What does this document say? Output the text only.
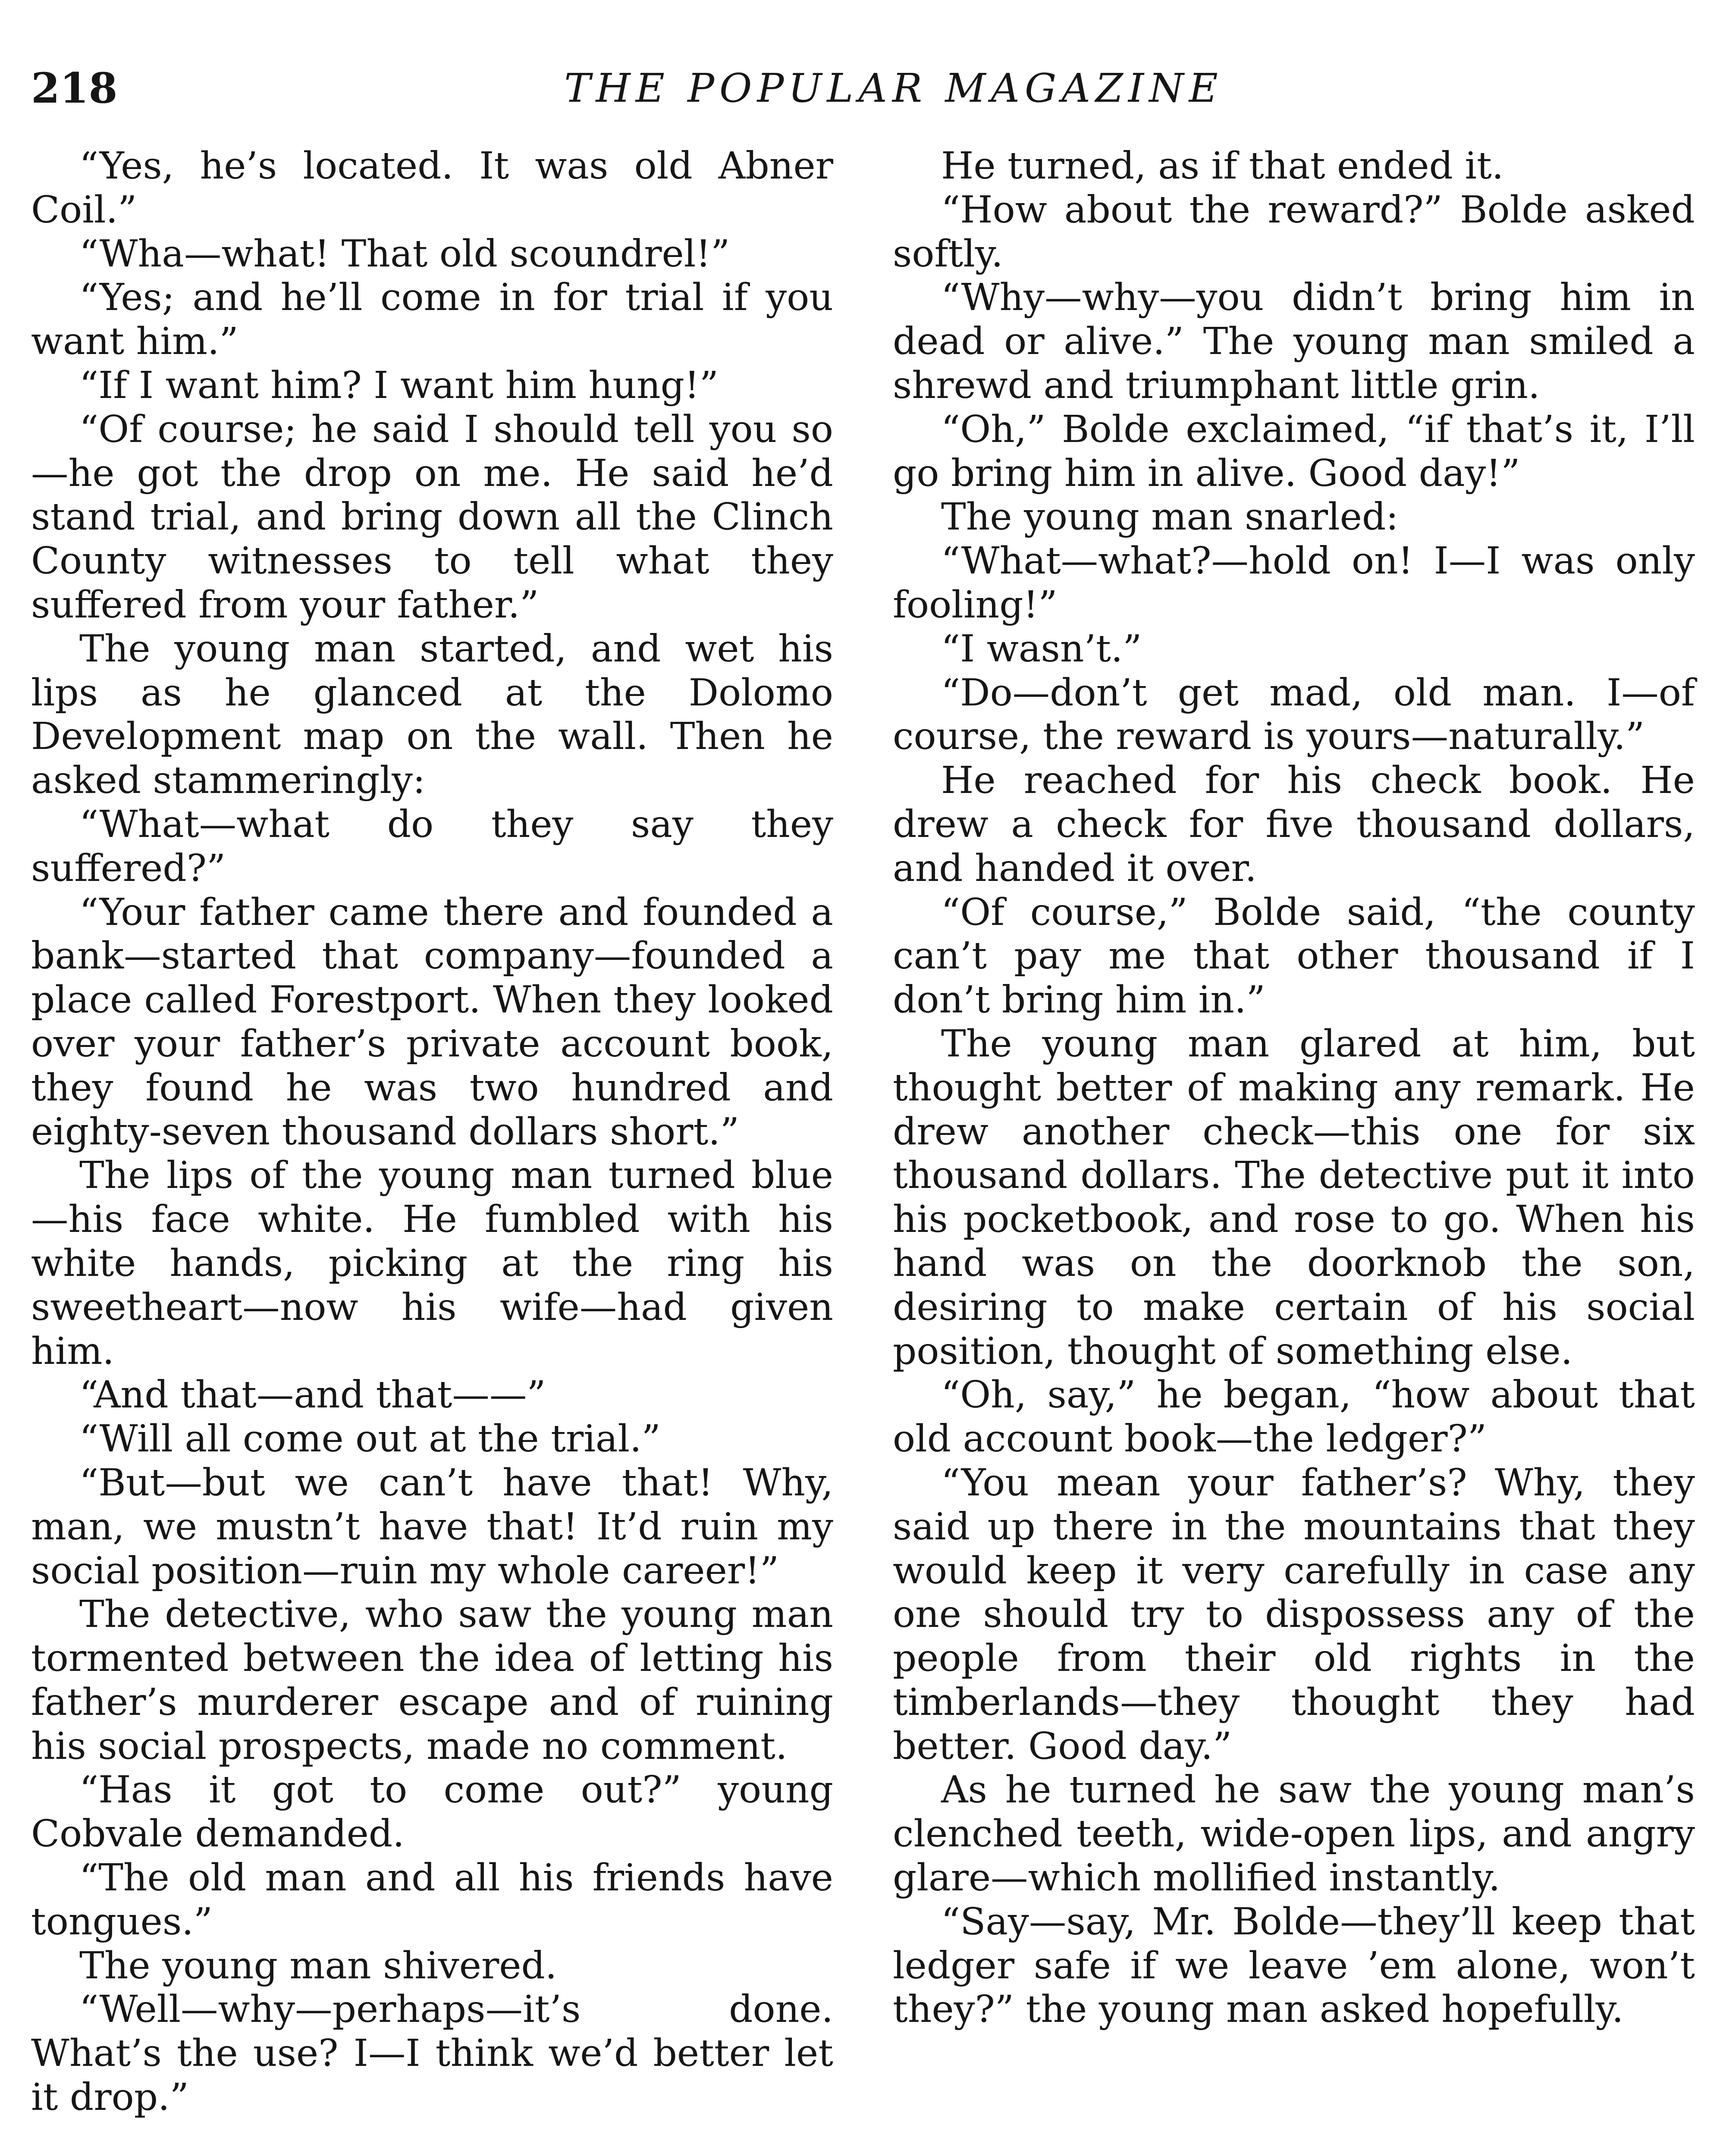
218	THE POPULAR MAGAZINE

“Yes, he’s located. It was old Abner Coil.”

“Wha—what! That old scoundrel!”

“Yes; and he’ll come in for trial if you want him.”

“If I want him? I want him hung!”

“Of course; he said I should tell you so—he got the drop on me. He said he’d stand trial, and bring down all the Clinch County witnesses to tell what they suffered from your father.”

The young man started, and wet his lips as he glanced at the Dolomo Development map on the wall. Then he asked stammeringly:

“What—what do they say they suffered?”

“Your father came there and founded a bank—started that company—founded a place called Forestport. When they looked over your father’s private account book, they found he was two hundred and eighty-seven thousand dollars short.”

The lips of the young man turned blue—his face white. He fumbled with his white hands, picking at the ring his sweetheart—now his wife—had given him.

“And that—and that——”

“Will all come out at the trial.”

“But—but we can’t have that! Why, man, we mustn’t have that! It’d ruin my social position—ruin my whole career!”

The detective, who saw the young man tormented between the idea of letting his father’s murderer escape and of ruining his social prospects, made no comment.

“Has it got to come out?” young Cobvale demanded.

“The old man and all his friends have tongues.”

The young man shivered.

“Well—why—perhaps—it’s done. What’s the use? I—I think we’d better let it drop.”

He turned, as if that ended it.

“How about the reward?” Bolde asked softly.

“Why—why—you didn’t bring him in dead or alive.” The young man smiled a shrewd and triumphant little grin.

“Oh,” Bolde exclaimed, “if that’s it, I’ll go bring him in alive. Good day!”

The young man snarled:

“What—what?—hold on! I—I was only fooling!”

“I wasn’t.”

“Do—don’t get mad, old man. I—of course, the reward is yours—naturally.”

He reached for his check book. He drew a check for five thousand dollars, and handed it over.

“Of course,” Bolde said, “the county can’t pay me that other thousand if I don’t bring him in.”

The young man glared at him, but thought better of making any remark. He drew another check—this one for six thousand dollars. The detective put it into his pocketbook, and rose to go. When his hand was on the doorknob the son, desiring to make certain of his social position, thought of something else.

“Oh, say,” he began, “how about that old account book—the ledger?”

“You mean your father’s? Why, they said up there in the mountains that they would keep it very carefully in case any one should try to dispossess any of the people from their old rights in the timberlands—they thought they had better. Good day.”

As he turned he saw the young man’s clenched teeth, wide-open lips, and angry glare—which mollified instantly.

“Say—say, Mr. Bolde—they’ll keep that ledger safe if we leave ’em alone, won’t they?” the young man asked hopefully.
